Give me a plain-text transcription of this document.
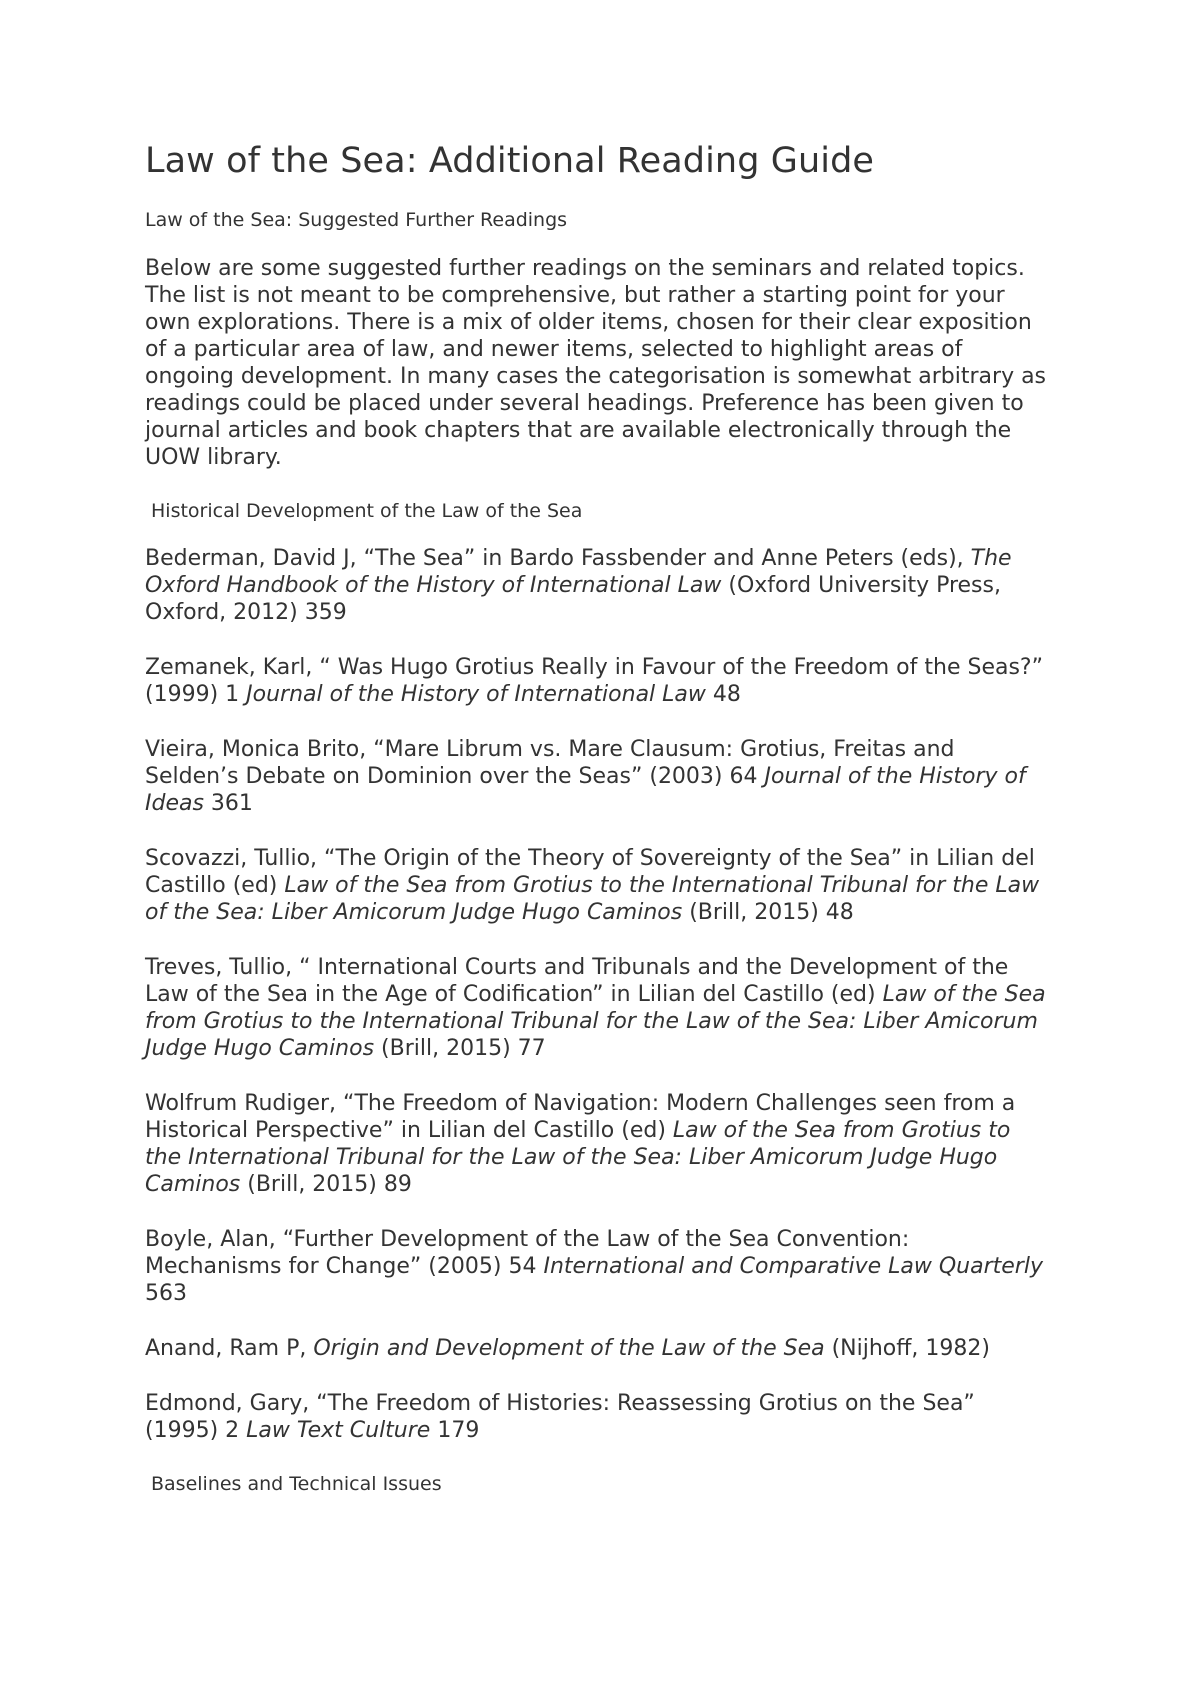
Law of the Sea: Additional Reading Guide

Law of the Sea: Suggested Further Readings

Below are some suggested further readings on the seminars and related topics. The list is not meant to be comprehensive, but rather a starting point for your own explorations. There is a mix of older items, chosen for their clear exposition of a particular area of law, and newer items, selected to highlight areas of ongoing development. In many cases the categorisation is somewhat arbitrary as readings could be placed under several headings. Preference has been given to journal articles and book chapters that are available electronically through the UOW library.

Historical Development of the Law of the Sea

Bederman, David J, “The Sea” in Bardo Fassbender and Anne Peters (eds), The Oxford Handbook of the History of International Law (Oxford University Press, Oxford, 2012) 359

Zemanek, Karl, “ Was Hugo Grotius Really in Favour of the Freedom of the Seas?” (1999) 1 Journal of the History of International Law 48

Vieira, Monica Brito, “Mare Librum vs. Mare Clausum: Grotius, Freitas and Selden’s Debate on Dominion over the Seas” (2003) 64 Journal of the History of Ideas 361

Scovazzi, Tullio, “The Origin of the Theory of Sovereignty of the Sea” in Lilian del Castillo (ed) Law of the Sea from Grotius to the International Tribunal for the Law of the Sea: Liber Amicorum Judge Hugo Caminos (Brill, 2015) 48

Treves, Tullio, “ International Courts and Tribunals and the Development of the Law of the Sea in the Age of Codification” in Lilian del Castillo (ed) Law of the Sea from Grotius to the International Tribunal for the Law of the Sea: Liber Amicorum Judge Hugo Caminos (Brill, 2015) 77

Wolfrum Rudiger, “The Freedom of Navigation: Modern Challenges seen from a Historical Perspective” in Lilian del Castillo (ed) Law of the Sea from Grotius to the International Tribunal for the Law of the Sea: Liber Amicorum Judge Hugo Caminos (Brill, 2015) 89

Boyle, Alan, “Further Development of the Law of the Sea Convention: Mechanisms for Change” (2005) 54 International and Comparative Law Quarterly 563

Anand, Ram P, Origin and Development of the Law of the Sea (Nijhoff, 1982)

Edmond, Gary, “The Freedom of Histories: Reassessing Grotius on the Sea” (1995) 2 Law Text Culture 179

Baselines and Technical Issues
